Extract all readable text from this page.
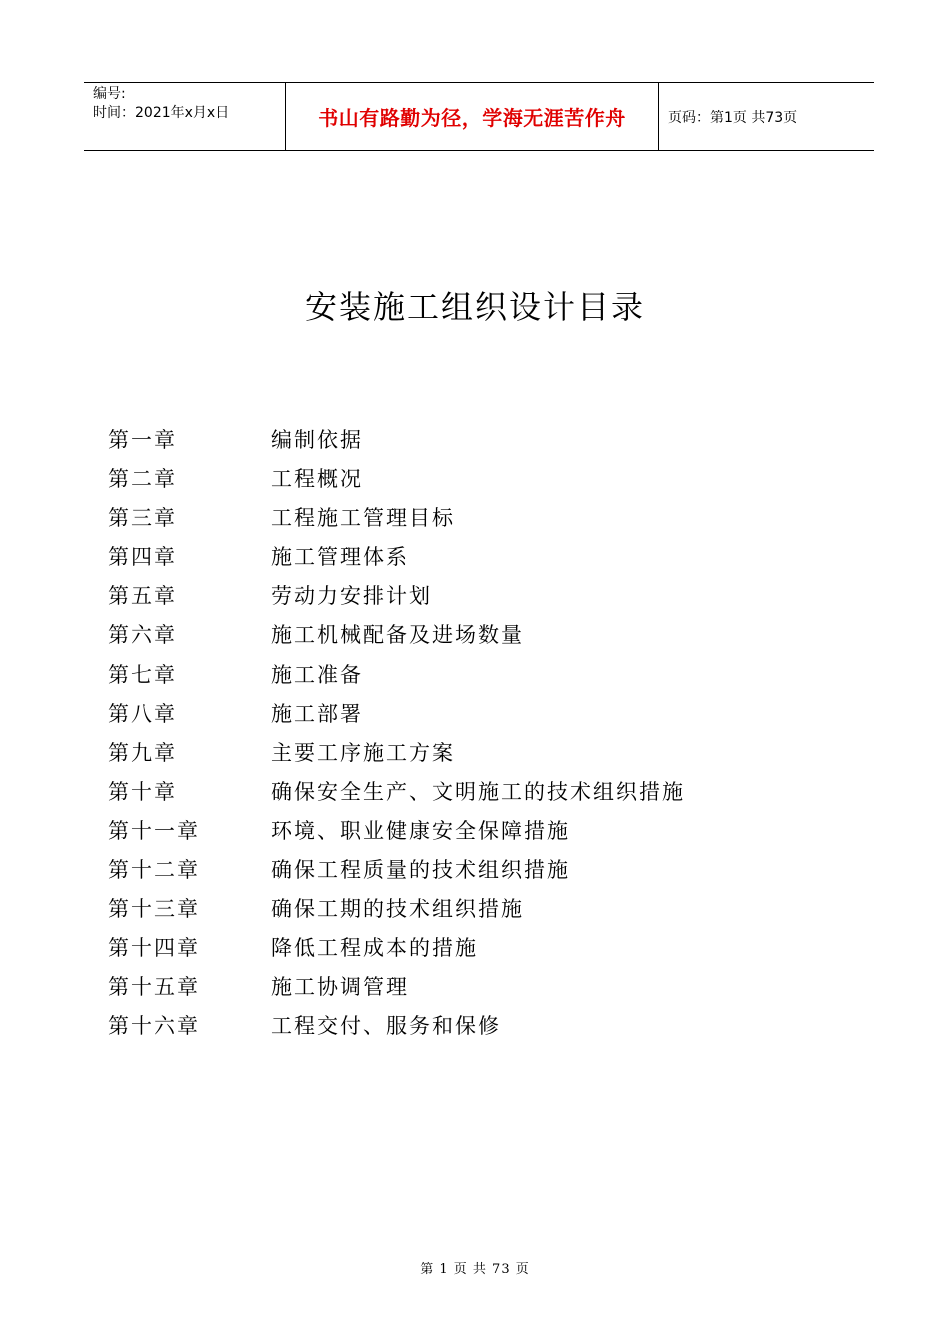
编号:
时间：2021年x月x日	书山有路勤为径，学海无涯苦作舟	页码：第1页 共73页
安装施工组织设计目录
第一章	编制依据
第二章	工程概况
第三章	工程施工管理目标
第四章	施工管理体系
第五章	劳动力安排计划
第六章	施工机械配备及进场数量
第七章	施工准备
第八章	施工部署
第九章	主要工序施工方案
第十章	确保安全生产、文明施工的技术组织措施
第十一章	环境、职业健康安全保障措施
第十二章	确保工程质量的技术组织措施
第十三章	确保工期的技术组织措施
第十四章	降低工程成本的措施
第十五章	施工协调管理
第十六章	工程交付、服务和保修
第 1 页 共 73 页
